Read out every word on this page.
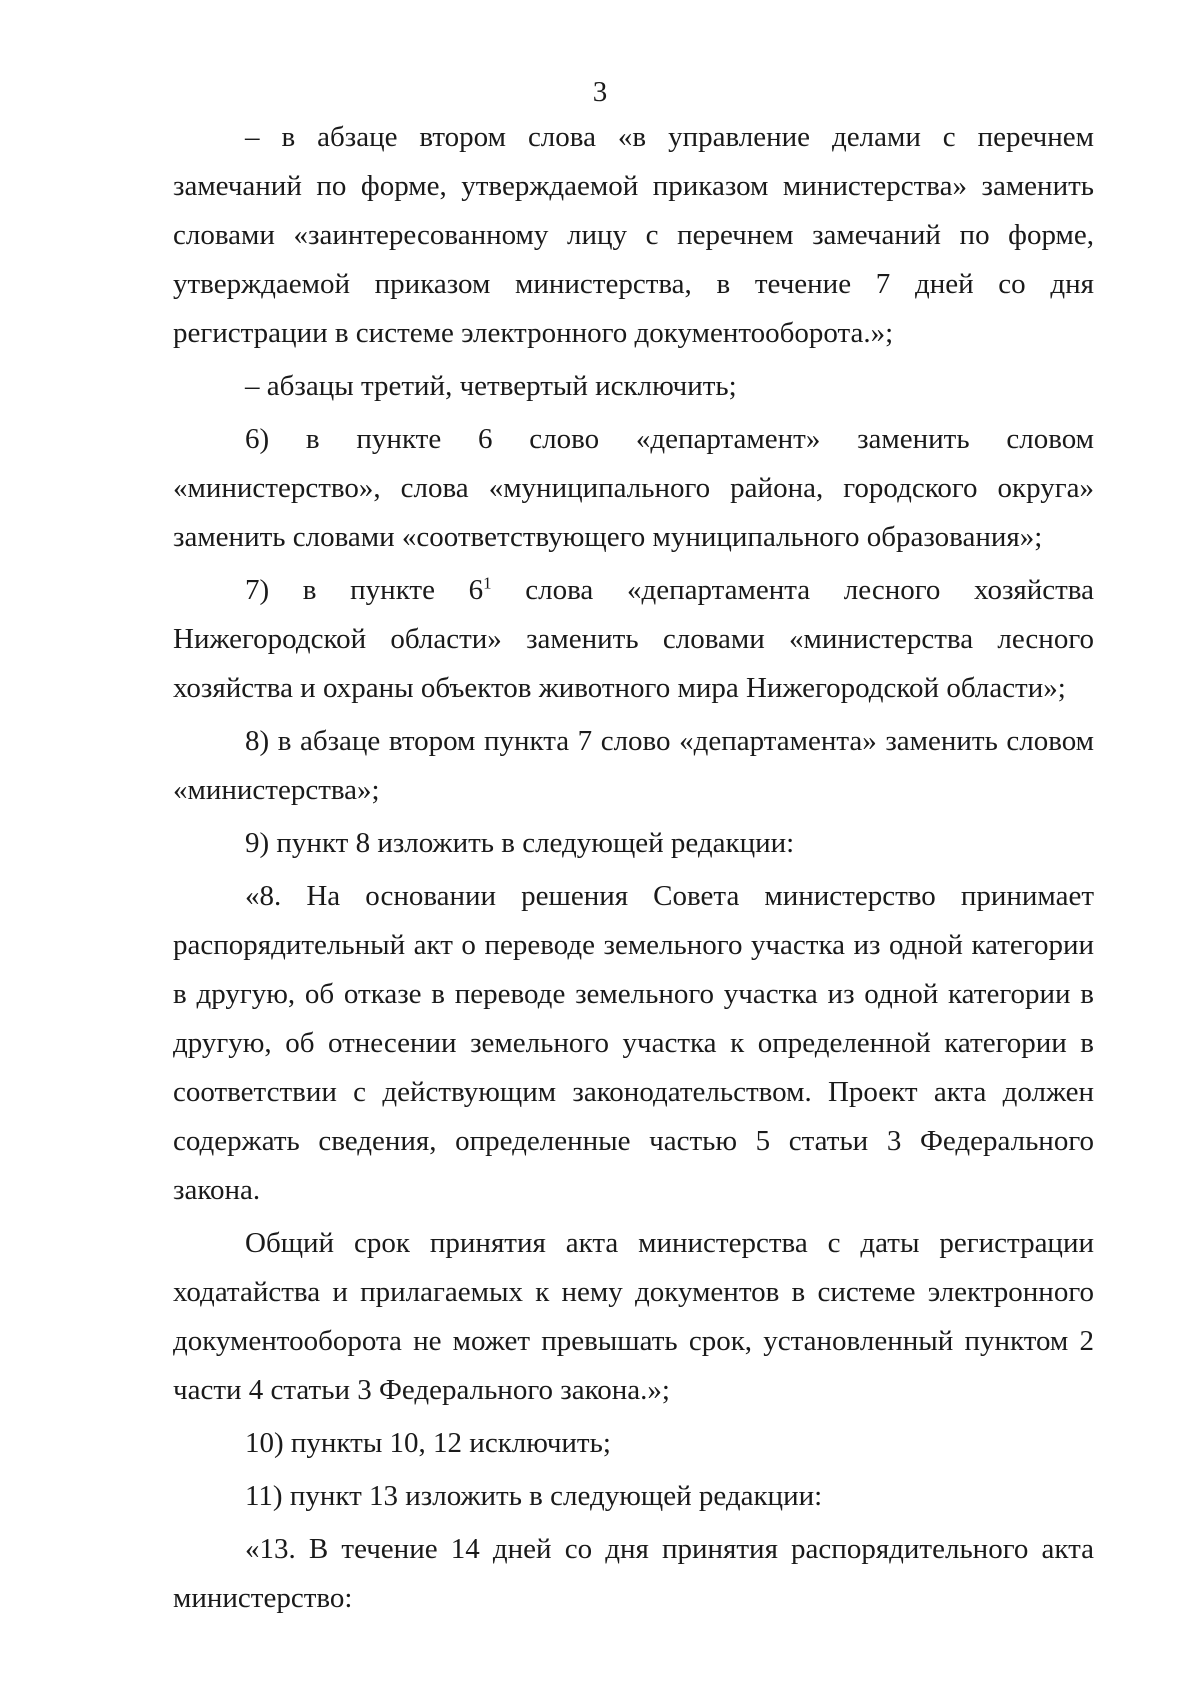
3

– в абзаце втором слова «в управление делами с перечнем замечаний по форме, утверждаемой приказом министерства» заменить словами «заинтересованному лицу с перечнем замечаний по форме, утверждаемой приказом министерства, в течение 7 дней со дня регистрации в системе электронного документооборота.»;

– абзацы третий, четвертый исключить;

6) в пункте 6 слово «департамент» заменить словом «министерство», слова «муниципального района, городского округа» заменить словами «соответствующего муниципального образования»;

7) в пункте $6^1$ слова «департамента лесного хозяйства Нижегородской области» заменить словами «министерства лесного хозяйства и охраны объектов животного мира Нижегородской области»;

8) в абзаце втором пункта 7 слово «департамента» заменить словом «министерства»;

9) пункт 8 изложить в следующей редакции:

«8. На основании решения Совета министерство принимает распорядительный акт о переводе земельного участка из одной категории в другую, об отказе в переводе земельного участка из одной категории в другую, об отнесении земельного участка к определенной категории в соответствии с действующим законодательством. Проект акта должен содержать сведения, определенные частью 5 статьи 3 Федерального закона.

Общий срок принятия акта министерства с даты регистрации ходатайства и прилагаемых к нему документов в системе электронного документооборота не может превышать срок, установленный пунктом 2 части 4 статьи 3 Федерального закона.»;

10) пункты 10, 12 исключить;

11) пункт 13 изложить в следующей редакции:

«13. В течение 14 дней со дня принятия распорядительного акта министерство:
